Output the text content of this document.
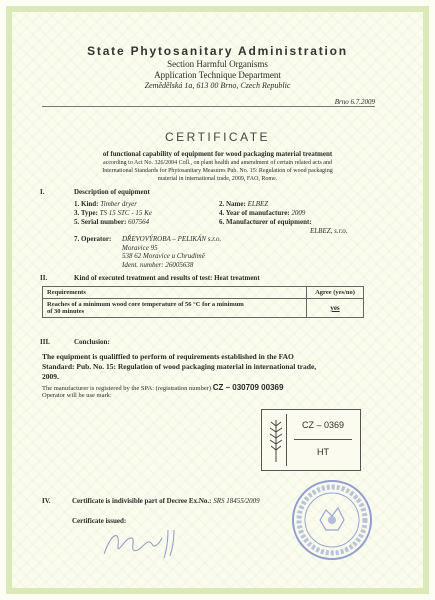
State Phytosanitary Administration
Section Harmful Organisms
Application Technique Department
Zemědělská 1a, 613 00 Brno, Czech Republic
Brno 6.7.2009
CERTIFICATE
of functional capability of equipment for wood packaging material treatment
according to Act No. 326/2004 Coll., on plant health and amendment of certain related acts and
International Standards for Phytosanitary Measures Pub. No. 15: Regulation of wood packaging
material in international trade, 2009, FAO, Rome.
I.	Description of equipment
1. Kind: Timber dryer
3. Type: TS 15 STC - 15 Ke
5. Serial number: 607564
2. Name: ELBEZ
4. Year of manufacture: 2009
6. Manufacturer of equipment:
ELBEZ, s.r.o.
7. Operator: DŘEVOVÝROBA – PELIKÁN s.r.o.
Moravice 95
538 62 Moravice u Chrudimě
Ident. number: 26005638
II.	Kind of executed treatment and results of test: Heat treatment
Requirements	Agree (yes/no)

Reaches of a minimum wood core temperature of 56 °C for a minimum
of 30 minutes	yes
III.	Conclusion:
The equipment is qualiffied to perform of requirements established in the FAO
Standard: Pub. No. 15: Regulation of wood packaging material in international trade,
2009.
The manufacturer is registered by the SPA: (registration number) CZ – 030709 00369
Operator will be use mark:
CZ – 0369
HT
IV.	Certificate is indivisible part of Decree Ex.No.: SRS 18455/2009
Certificate issued:
